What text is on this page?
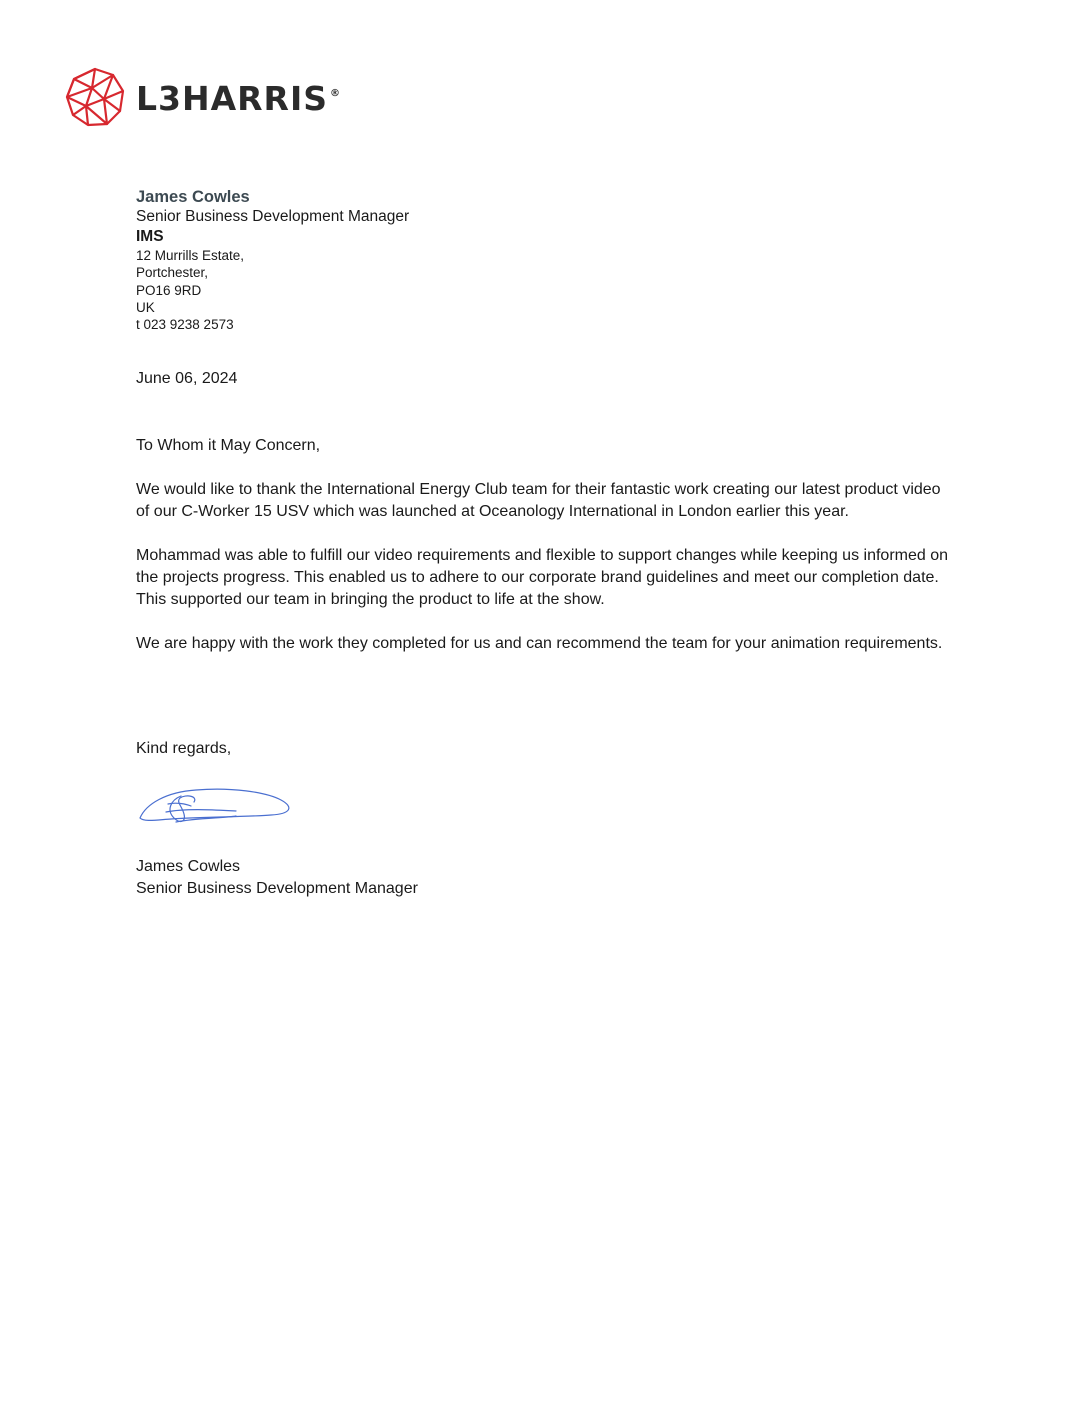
L3HARRIS ®
James Cowles
Senior Business Development Manager
IMS
12 Murrills Estate,
Portchester,
PO16 9RD
UK
t 023 9238 2573
June 06, 2024

To Whom it May Concern,

We would like to thank the International Energy Club team for their fantastic work creating our latest product video of our C-Worker 15 USV which was launched at Oceanology International in London earlier this year.

Mohammad was able to fulfill our video requirements and flexible to support changes while keeping us informed on the projects progress. This enabled us to adhere to our corporate brand guidelines and meet our completion date. This supported our team in bringing the product to life at the show.

We are happy with the work they completed for us and can recommend the team for your animation requirements.

Kind regards,
James Cowles
Senior Business Development Manager
